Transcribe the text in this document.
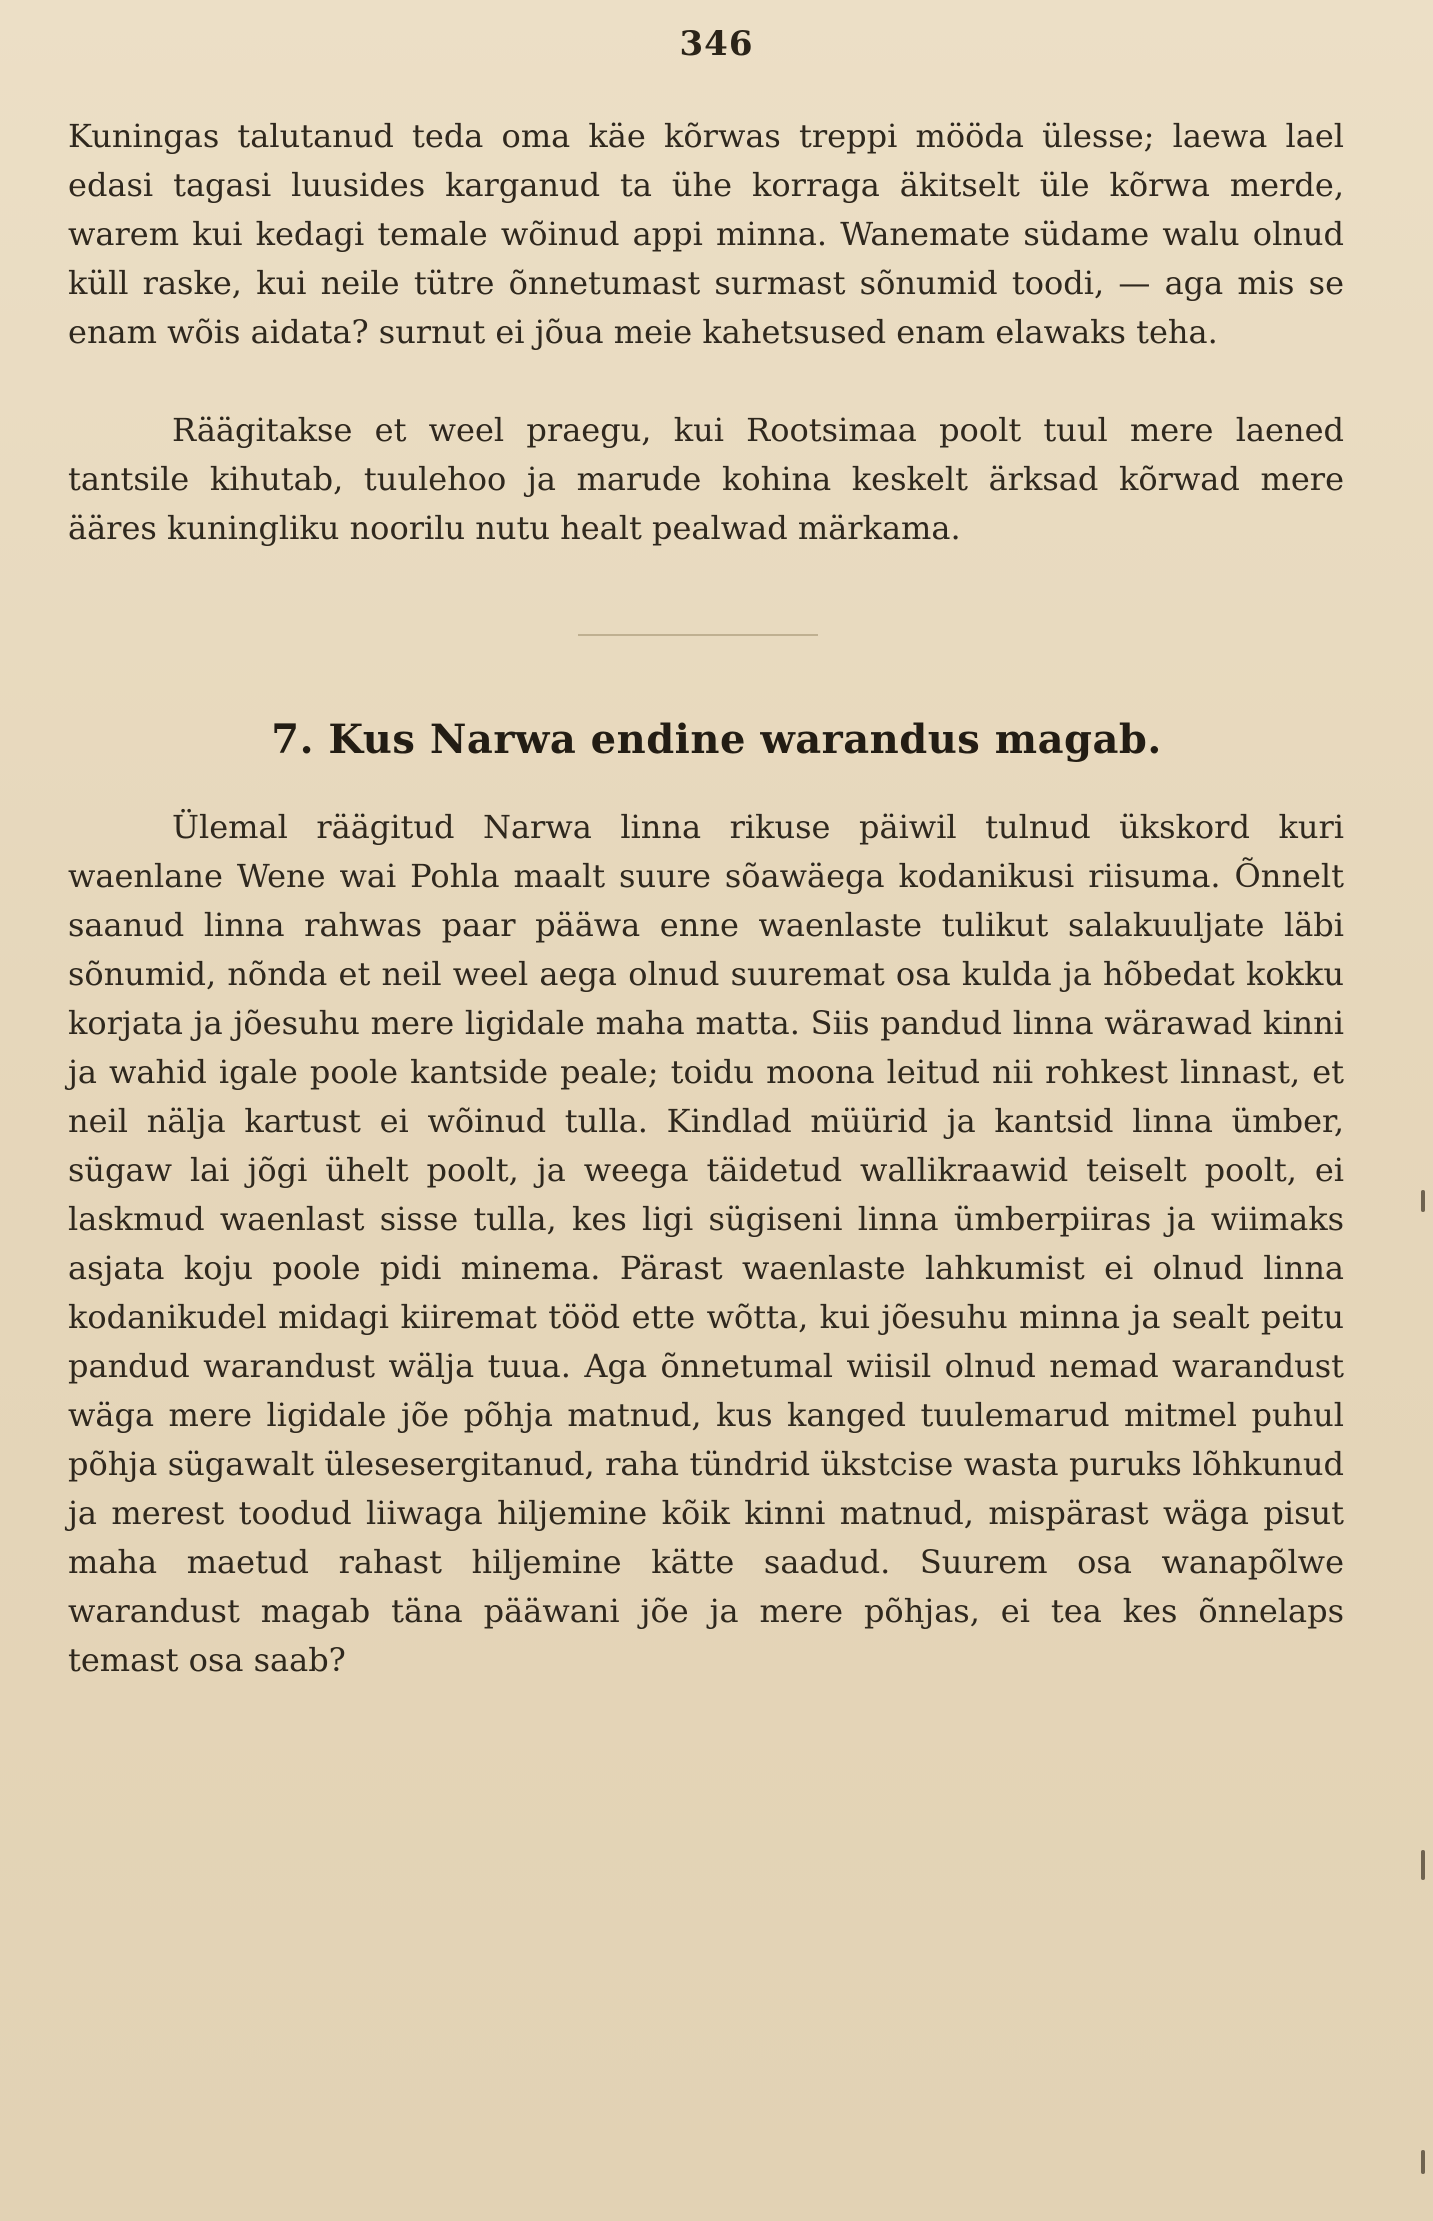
346

Kuningas talutanud teda oma käe kõrwas treppi mööda ülesse; laewa lael edasi tagasi luusides karganud ta ühe korraga äkitselt üle kõrwa merde, warem kui kedagi temale wõinud appi minna. Wanemate südame walu olnud küll raske, kui neile tütre õnnetumast surmast sõnumid toodi, — aga mis se enam wõis aidata? surnut ei jõua meie kahetsused enam elawaks teha.

Räägitakse et weel praegu, kui Rootsimaa poolt tuul mere laened tantsile kihutab, tuulehoo ja marude kohina keskelt ärksad kõrwad mere ääres kuningliku noorilu nutu healt pealwad märkama.

7. Kus Narwa endine warandus magab.

Ülemal räägitud Narwa linna rikuse päiwil tulnud ükskord kuri waenlane Wene wai Pohla maalt suure sõawäega kodanikusi riisuma. Õnnelt saanud linna rahwas paar pääwa enne waenlaste tulikut salakuuljate läbi sõnumid, nõnda et neil weel aega olnud suuremat osa kulda ja hõbedat kokku korjata ja jõesuhu mere ligidale maha matta. Siis pandud linna wärawad kinni ja wahid igale poole kantside peale; toidu moona leitud nii rohkest linnast, et neil nälja kartust ei wõinud tulla. Kindlad müürid ja kantsid linna ümber, sügaw lai jõgi ühelt poolt, ja weega täidetud wallikraawid teiselt poolt, ei laskmud waenlast sisse tulla, kes ligi sügiseni linna ümberpiiras ja wiimaks asjata koju poole pidi minema. Pärast waenlaste lahkumist ei olnud linna kodanikudel midagi kiiremat tööd ette wõtta, kui jõesuhu minna ja sealt peitu pandud warandust wälja tuua. Aga õnnetumal wiisil olnud nemad warandust wäga mere ligidale jõe põhja matnud, kus kanged tuulemarud mitmel puhul põhja sügawalt ülesesergitanud, raha tündrid ükstcise wasta puruks lõhkunud ja merest toodud liiwaga hiljemine kõik kinni matnud, mispärast wäga pisut maha maetud rahast hiljemine kätte saadud. Suurem osa wanapõlwe warandust magab täna pääwani jõe ja mere põhjas, ei tea kes õnnelaps temast osa saab?
